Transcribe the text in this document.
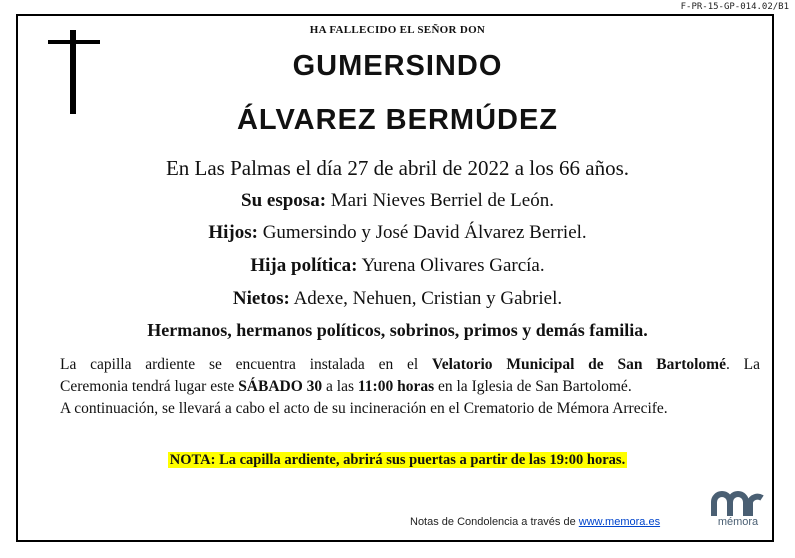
F-PR-15-GP-014.02/B1
HA FALLECIDO EL SEÑOR DON
GUMERSINDO
ÁLVAREZ BERMÚDEZ
En Las Palmas el día 27 de abril de 2022 a los 66 años.
Su esposa: Mari Nieves Berriel de León.
Hijos: Gumersindo y José David Álvarez Berriel.
Hija política: Yurena Olivares García.
Nietos: Adexe, Nehuen, Cristian y Gabriel.
Hermanos, hermanos políticos, sobrinos, primos y demás familia.

La capilla ardiente se encuentra instalada en el Velatorio Municipal de San Bartolomé. La

Ceremonia tendrá lugar este SÁBADO 30 a las 11:00 horas en la Iglesia de San Bartolomé.

A continuación, se llevará a cabo el acto de su incineración en el Crematorio de Mémora Arrecife.

NOTA: La capilla ardiente, abrirá sus puertas a partir de las 19:00 horas.
Notas de Condolencia a través de www.memora.es	mémora
